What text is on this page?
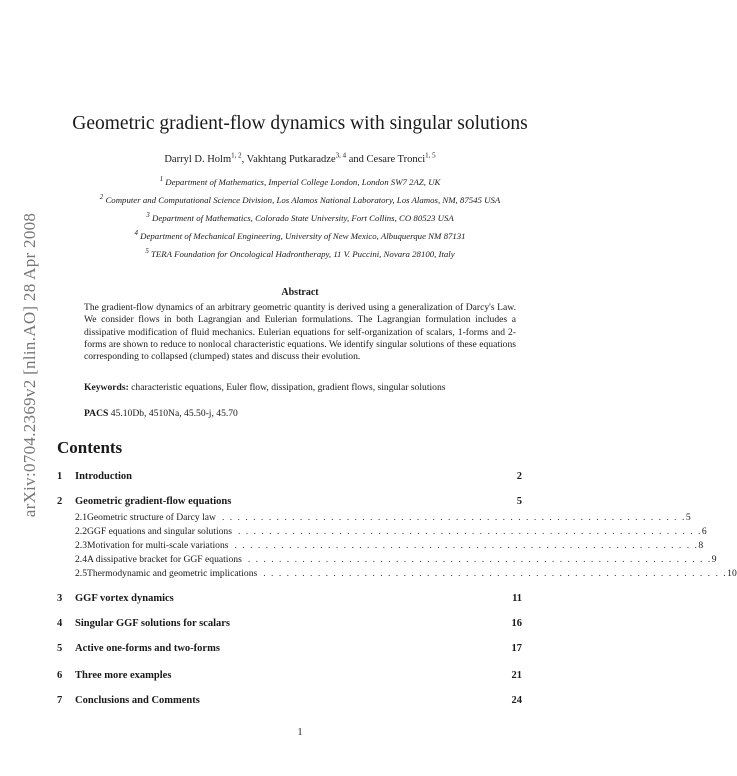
arXiv:0704.2369v2 [nlin.AO] 28 Apr 2008
Geometric gradient-flow dynamics with singular solutions
Darryl D. Holm$^{1, 2}$, Vakhtang Putkaradze$^{3, 4}$ and Cesare Tronci$^{1, 5}$
$^1$ Department of Mathematics, Imperial College London, London SW7 2AZ, UK
$^2$ Computer and Computational Science Division, Los Alamos National Laboratory, Los Alamos, NM, 87545 USA
$^3$ Department of Mathematics, Colorado State University, Fort Collins, CO 80523 USA
$^4$ Department of Mechanical Engineering, University of New Mexico, Albuquerque NM 87131
$^5$ TERA Foundation for Oncological Hadrontherapy, 11 V. Puccini, Novara 28100, Italy
Abstract
The gradient-flow dynamics of an arbitrary geometric quantity is derived using a generalization of Darcy's Law. We consider flows in both Lagrangian and Eulerian formulations. The Lagrangian formulation includes a dissipative modification of fluid mechanics. Eulerian equations for self-organization of scalars, 1-forms and 2-forms are shown to reduce to nonlocal characteristic equations. We identify singular solutions of these equations corresponding to collapsed (clumped) states and discuss their evolution.
Keywords: characteristic equations, Euler flow, dissipation, gradient flows, singular solutions
PACS 45.10Db, 4510Na, 45.50-j, 45.70
Contents
1	Introduction	2
2	Geometric gradient-flow equations	5
2.1 Geometric structure of Darcy law . . . . . . . . . . . . . . . . . . . . . . . . . . . . . . . . . . . . . . . . . . . . . . . . . . . . . . . . . . . . 5
2.2 GGF equations and singular solutions . . . . . . . . . . . . . . . . . . . . . . . . . . . . . . . . . . . . . . . . . . . . . . . . . . . . . . . . . . . . 6
2.3 Motivation for multi-scale variations . . . . . . . . . . . . . . . . . . . . . . . . . . . . . . . . . . . . . . . . . . . . . . . . . . . . . . . . . . . . 8
2.4 A dissipative bracket for GGF equations . . . . . . . . . . . . . . . . . . . . . . . . . . . . . . . . . . . . . . . . . . . . . . . . . . . . . . . . . . . . 9
2.5 Thermodynamic and geometric implications . . . . . . . . . . . . . . . . . . . . . . . . . . . . . . . . . . . . . . . . . . . . . . . . . . . . . . . . . . . . 10
3	GGF vortex dynamics	11
4	Singular GGF solutions for scalars	16
5	Active one-forms and two-forms	17
6	Three more examples	21
7	Conclusions and Comments	24
1
